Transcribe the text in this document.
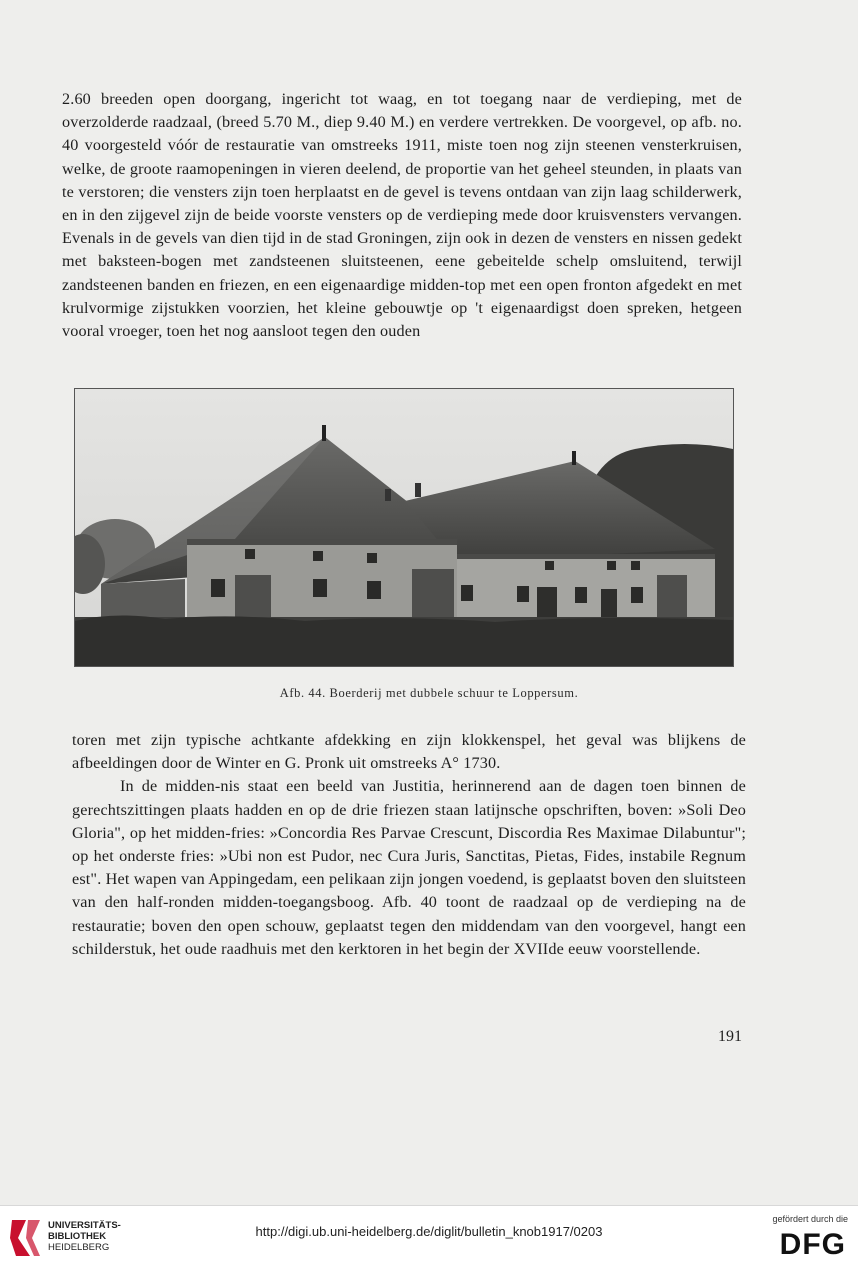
2.60 breeden open doorgang, ingericht tot waag, en tot toegang naar de verdieping, met de overzolderde raadzaal, (breed 5.70 M., diep 9.40 M.) en verdere vertrekken. De voorgevel, op afb. no. 40 voorgesteld vóór de restauratie van omstreeks 1911, miste toen nog zijn steenen vensterkruisen, welke, de groote raamopeningen in vieren deelend, de proportie van het geheel steunden, in plaats van te verstoren; die vensters zijn toen herplaatst en de gevel is tevens ontdaan van zijn laag schilderwerk, en in den zijgevel zijn de beide voorste vensters op de verdieping mede door kruisvensters vervangen. Evenals in de gevels van dien tijd in de stad Groningen, zijn ook in dezen de vensters en nissen gedekt met baksteen-bogen met zandsteenen sluitsteenen, eene gebeitelde schelp omsluitend, terwijl zandsteenen banden en friezen, en een eigenaardige midden-top met een open fronton afgedekt en met krulvormige zijstukken voorzien, het kleine gebouwtje op 't eigenaardigst doen spreken, hetgeen vooral vroeger, toen het nog aansloot tegen den ouden

Afb. 44. Boerderij met dubbele schuur te Loppersum.

toren met zijn typische achtkante afdekking en zijn klokkenspel, het geval was blijkens de afbeeldingen door de Winter en G. Pronk uit omstreeks A° 1730.
In de midden-nis staat een beeld van Justitia, herinnerend aan de dagen toen binnen de gerechtszittingen plaats hadden en op de drie friezen staan latijnsche opschriften, boven: »Soli Deo Gloria", op het midden-fries: »Concordia Res Parvae Crescunt, Discordia Res Maximae Dilabuntur"; op het onderste fries: »Ubi non est Pudor, nec Cura Juris, Sanctitas, Pietas, Fides, instabile Regnum est". Het wapen van Appingedam, een pelikaan zijn jongen voedend, is geplaatst boven den sluitsteen van den half-ronden midden-toegangsboog. Afb. 40 toont de raadzaal op de verdieping na de restauratie; boven den open schouw, geplaatst tegen den middendam van den voorgevel, hangt een schilderstuk, het oude raadhuis met den kerktoren in het begin der XVIIde eeuw voorstellende.

191
UNIVERSITÄTS-
BIBLIOTHEK
HEIDELBERG
http://digi.ub.uni-heidelberg.de/diglit/bulletin_knob1917/0203
gefördert durch die
DFG
